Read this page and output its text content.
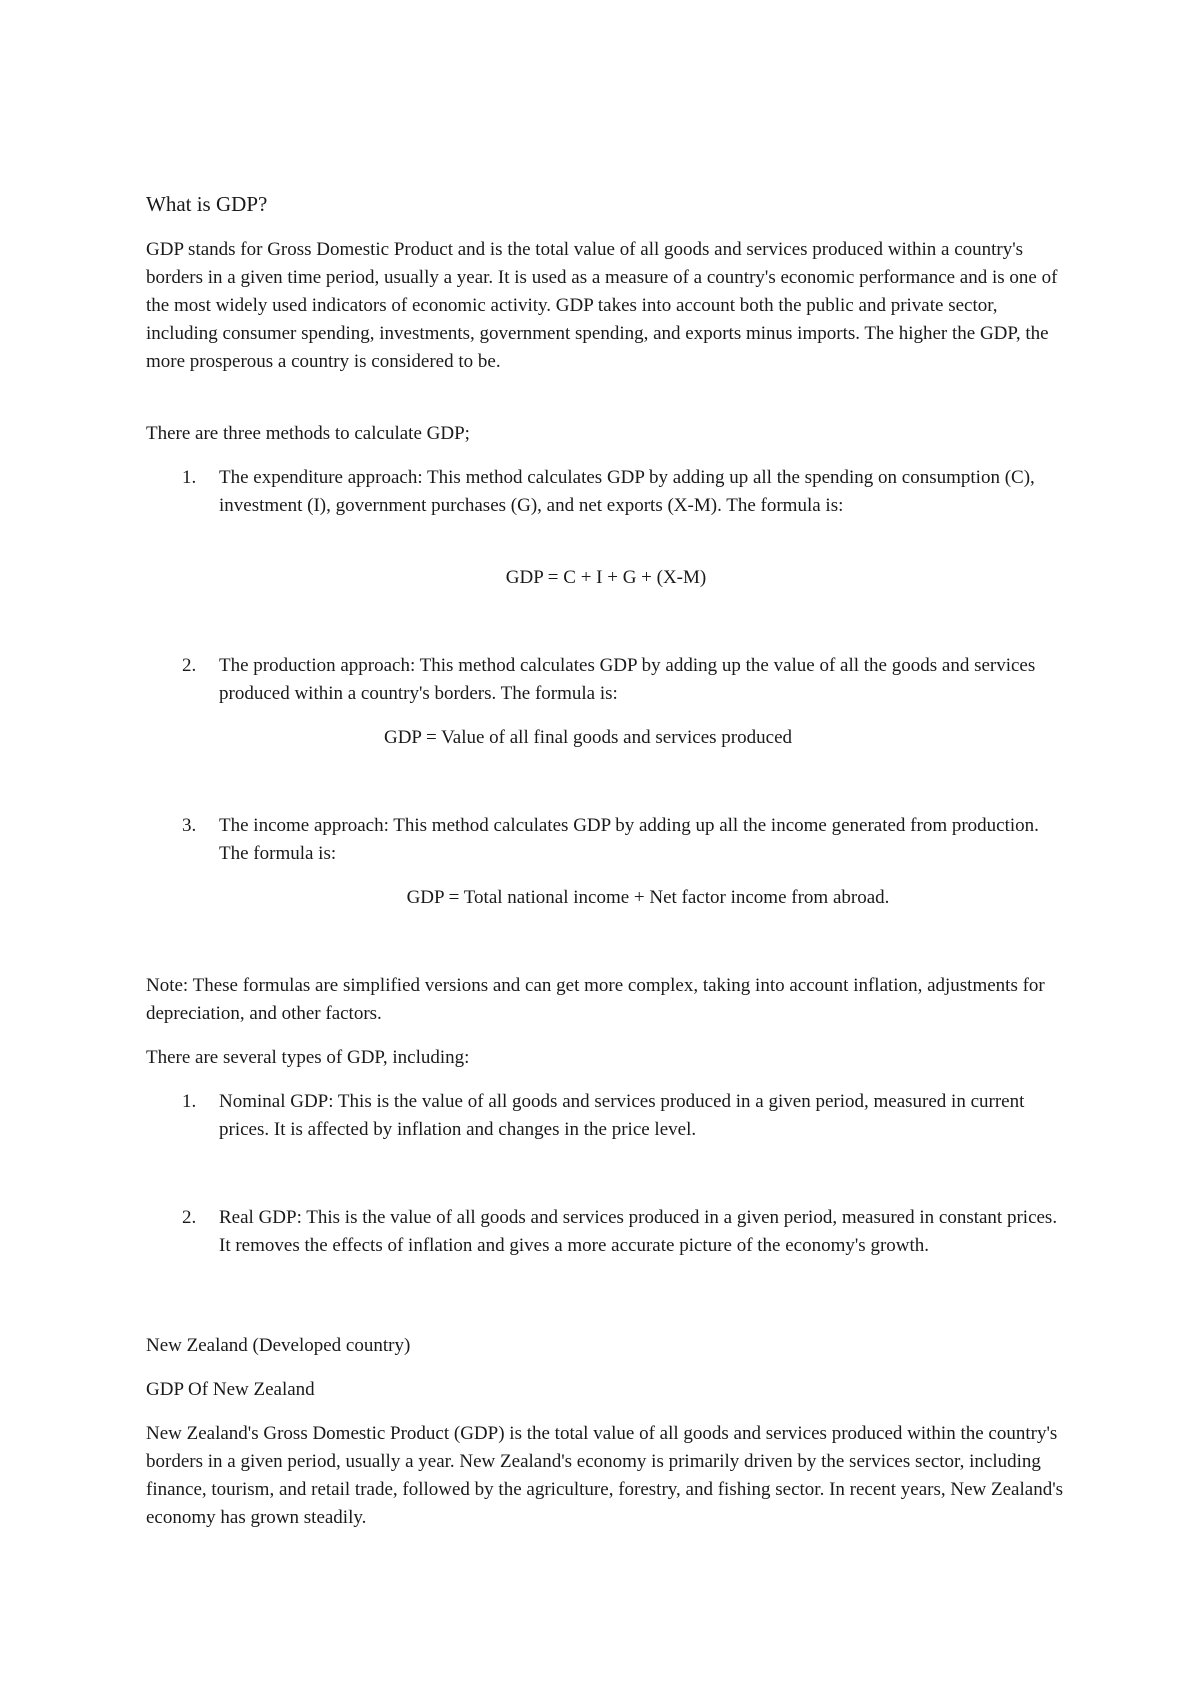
What is GDP?

GDP stands for Gross Domestic Product and is the total value of all goods and services produced within a country's borders in a given time period, usually a year. It is used as a measure of a country's economic performance and is one of the most widely used indicators of economic activity. GDP takes into account both the public and private sector, including consumer spending, investments, government spending, and exports minus imports. The higher the GDP, the more prosperous a country is considered to be.

There are three methods to calculate GDP;

1. The expenditure approach: This method calculates GDP by adding up all the spending on consumption (C), investment (I), government purchases (G), and net exports (X-M). The formula is:

GDP = C + I + G + (X-M)

2. The production approach: This method calculates GDP by adding up the value of all the goods and services produced within a country's borders. The formula is:

GDP = Value of all final goods and services produced

3. The income approach: This method calculates GDP by adding up all the income generated from production. The formula is:

GDP = Total national income + Net factor income from abroad.

Note: These formulas are simplified versions and can get more complex, taking into account inflation, adjustments for depreciation, and other factors.

There are several types of GDP, including:

1. Nominal GDP: This is the value of all goods and services produced in a given period, measured in current prices. It is affected by inflation and changes in the price level.
2. Real GDP: This is the value of all goods and services produced in a given period, measured in constant prices. It removes the effects of inflation and gives a more accurate picture of the economy's growth.

New Zealand (Developed country)

GDP Of New Zealand

New Zealand's Gross Domestic Product (GDP) is the total value of all goods and services produced within the country's borders in a given period, usually a year. New Zealand's economy is primarily driven by the services sector, including finance, tourism, and retail trade, followed by the agriculture, forestry, and fishing sector. In recent years, New Zealand's economy has grown steadily.
